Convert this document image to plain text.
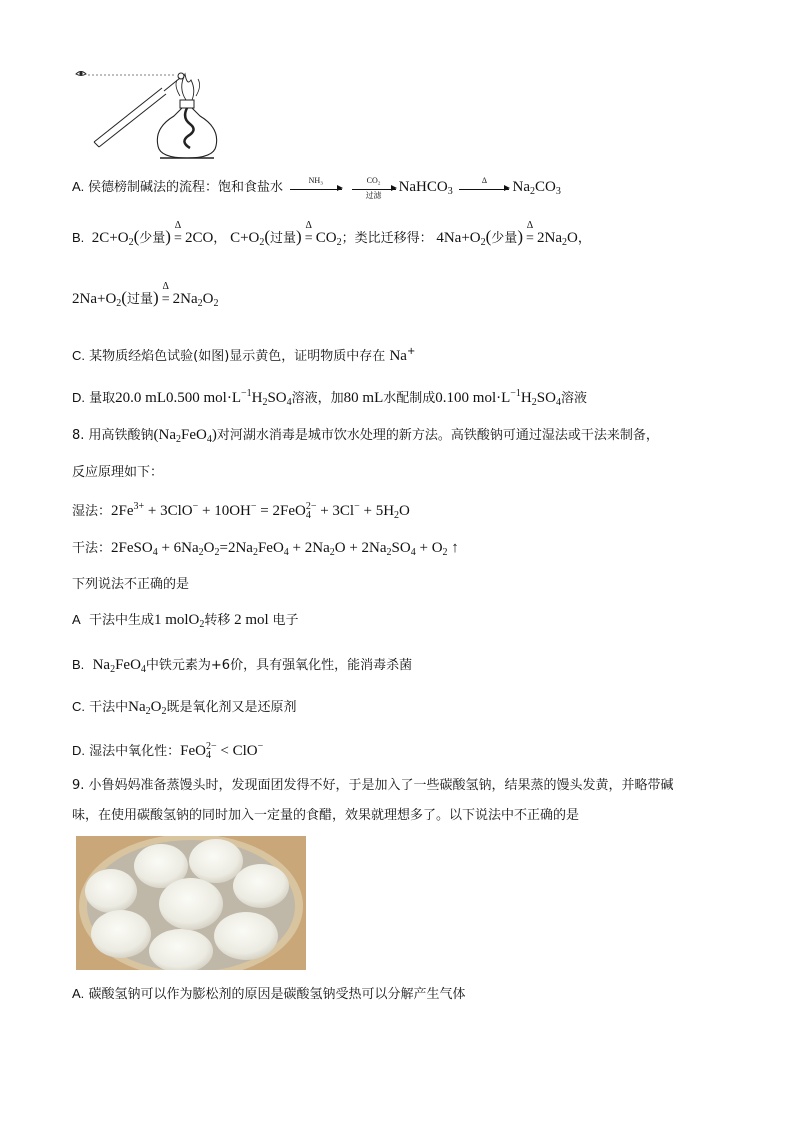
A. 侯德榜制碱法的流程：饱和食盐水	NH₃
	CO₂
过滤
NaHCO$_3$
Δ	$Na_2CO_3$
B.  $2C+O_2$(少量)
Δ
= 2CO， $C+O_2$(过量)
Δ
= $CO_2$；类比迁移得： $4Na+O_2$(少量)
Δ
= $2Na_2O$，
$2Na+O_2$(过量)
Δ
= $2Na_2O_2$
C. 某物质经焰色试验(如图)显示黄色，证明物质中存在 Na+
D. 量取20.0 mL0.500 $mol\cdot L^{-1}H_2SO_4$溶液，加80 mL水配制成0.100 $mol\cdot L^{-1}H_2SO_4$溶液
8. 用高铁酸钠$(Na_2FeO_4)$对河湖水消毒是城市饮水处理的新方法。高铁酸钠可通过湿法或干法来制备，
反应原理如下：
湿法：$2Fe^{3+} + 3ClO^- + 10OH^- = 2FeO_4^{2-} + 3Cl^- + 5H_2O$
干法：2FeSO$_4$ + $6Na_2O_2=2Na_2FeO_4 + 2Na_2O + 2Na_2SO_4 + O_2$ ↑
下列说法不正确的是
A 干法中生成1 molO$_2$转移 2 mol 电子
B. $Na_2FeO_4$中铁元素为+6价，具有强氧化性，能消毒杀菌
C. 干法中$Na_2O_2$既是氧化剂又是还原剂
D. 湿法中氧化性：FeO$_4^{2-}$ < ClO−
9. 小鲁妈妈准备蒸馒头时，发现面团发得不好，于是加入了一些碳酸氢钠，结果蒸的馒头发黄，并略带碱
味，在使用碳酸氢钠的同时加入一定量的食醋，效果就理想多了。以下说法中不正确的是
A. 碳酸氢钠可以作为膨松剂的原因是碳酸氢钠受热可以分解产生气体
